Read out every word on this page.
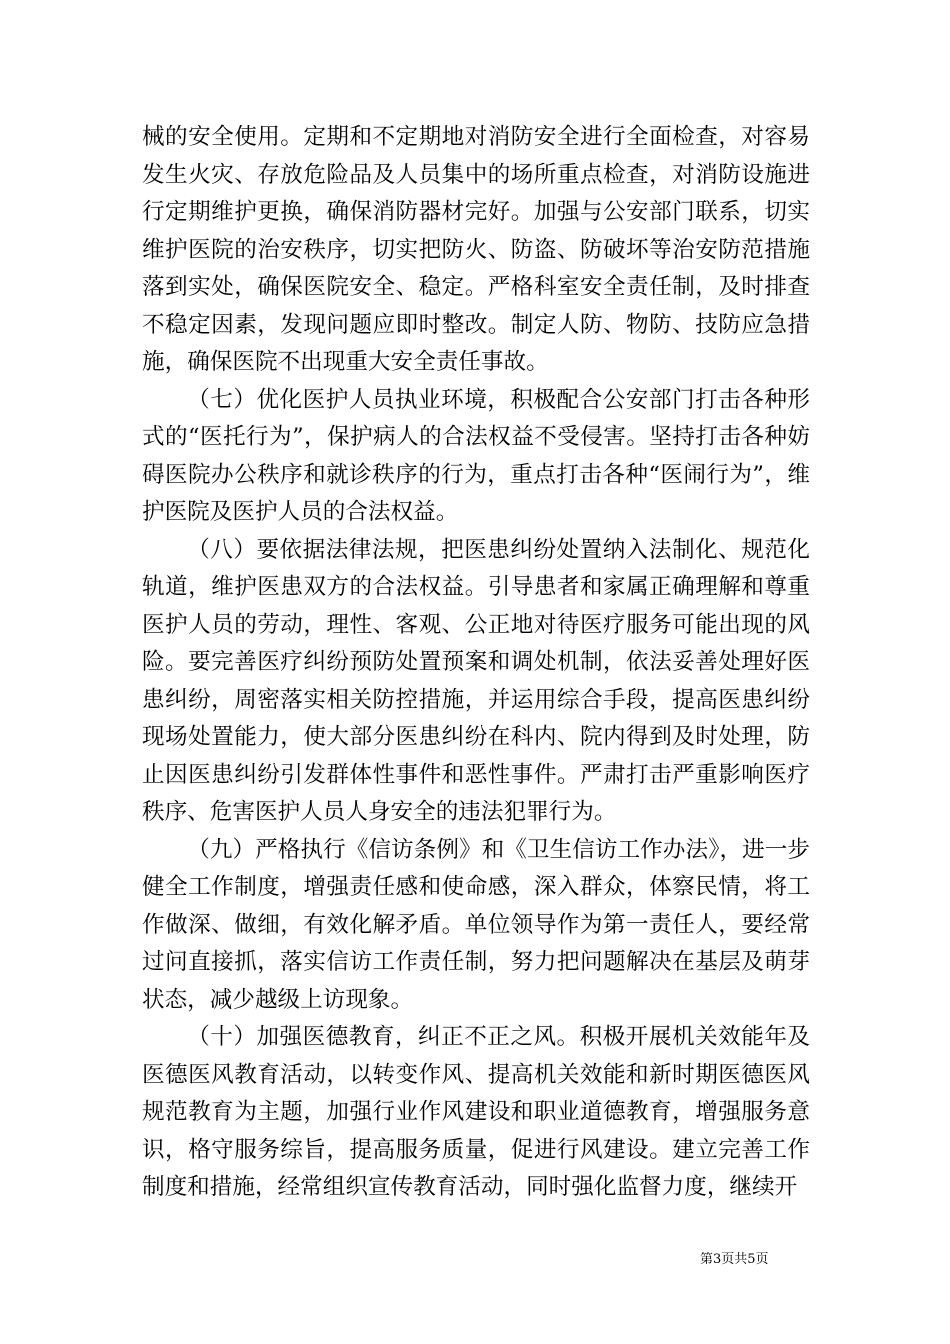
械的安全使用。定期和不定期地对消防安全进行全面检查，对容易发生火灾、存放危险品及人员集中的场所重点检查，对消防设施进行定期维护更换，确保消防器材完好。加强与公安部门联系，切实维护医院的治安秩序，切实把防火、防盗、防破坏等治安防范措施落到实处，确保医院安全、稳定。严格科室安全责任制，及时排查不稳定因素，发现问题应即时整改。制定人防、物防、技防应急措施，确保医院不出现重大安全责任事故。

（七）优化医护人员执业环境，积极配合公安部门打击各种形式的“医托行为”，保护病人的合法权益不受侵害。坚持打击各种妨碍医院办公秩序和就诊秩序的行为，重点打击各种“医闹行为”，维护医院及医护人员的合法权益。

（八）要依据法律法规，把医患纠纷处置纳入法制化、规范化轨道，维护医患双方的合法权益。引导患者和家属正确理解和尊重医护人员的劳动，理性、客观、公正地对待医疗服务可能出现的风险。要完善医疗纠纷预防处置预案和调处机制，依法妥善处理好医患纠纷，周密落实相关防控措施，并运用综合手段，提高医患纠纷现场处置能力，使大部分医患纠纷在科内、院内得到及时处理，防止因医患纠纷引发群体性事件和恶性事件。严肃打击严重影响医疗秩序、危害医护人员人身安全的违法犯罪行为。

（九）严格执行《信访条例》和《卫生信访工作办法》，进一步健全工作制度，增强责任感和使命感，深入群众，体察民情，将工作做深、做细，有效化解矛盾。单位领导作为第一责任人，要经常过问直接抓，落实信访工作责任制，努力把问题解决在基层及萌芽状态，减少越级上访现象。

（十）加强医德教育，纠正不正之风。积极开展机关效能年及医德医风教育活动，以转变作风、提高机关效能和新时期医德医风规范教育为主题，加强行业作风建设和职业道德教育，增强服务意识，格守服务综旨，提高服务质量，促进行风建设。建立完善工作制度和措施，经常组织宣传教育活动，同时强化监督力度，继续开

第3页共5页
